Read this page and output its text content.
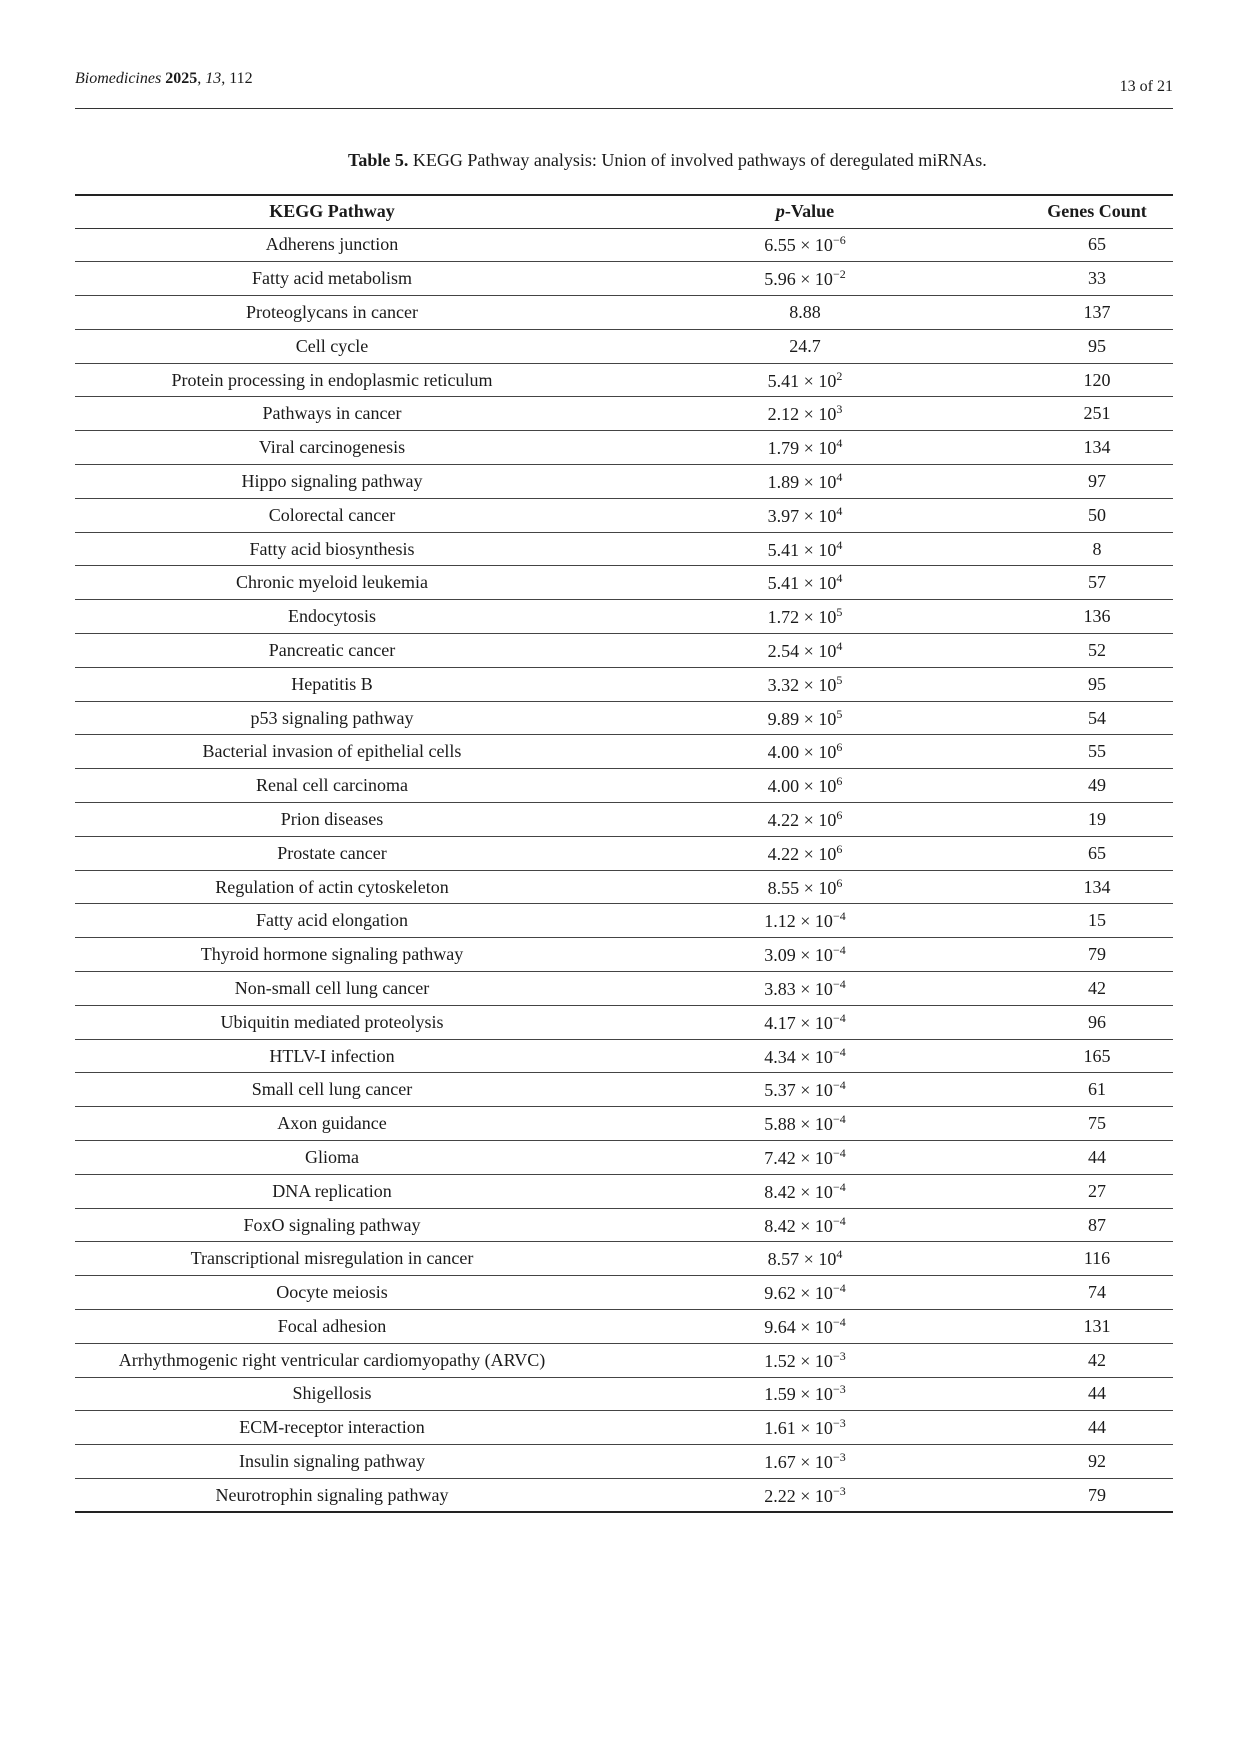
Biomedicines 2025, 13, 112	13 of 21
Table 5. KEGG Pathway analysis: Union of involved pathways of deregulated miRNAs.
KEGG Pathway	p-Value	Genes Count
Adherens junction	$6.55 \times 10^{-6}$	65
Fatty acid metabolism	$5.96 \times 10^{-2}$	33
Proteoglycans in cancer	8.88	137
Cell cycle	24.7	95
Protein processing in endoplasmic reticulum	$5.41 \times 10^2$	120
Pathways in cancer	$2.12 \times 10^3$	251
Viral carcinogenesis	$1.79 \times 10^4$	134
Hippo signaling pathway	$1.89 \times 10^4$	97
Colorectal cancer	$3.97 \times 10^4$	50
Fatty acid biosynthesis	$5.41 \times 10^4$	8
Chronic myeloid leukemia	$5.41 \times 10^4$	57
Endocytosis	$1.72 \times 10^5$	136
Pancreatic cancer	$2.54 \times 10^4$	52
Hepatitis B	$3.32 \times 10^5$	95
p53 signaling pathway	$9.89 \times 10^5$	54
Bacterial invasion of epithelial cells	$4.00 \times 10^6$	55
Renal cell carcinoma	$4.00 \times 10^6$	49
Prion diseases	$4.22 \times 10^6$	19
Prostate cancer	$4.22 \times 10^6$	65
Regulation of actin cytoskeleton	$8.55 \times 10^6$	134
Fatty acid elongation	$1.12 \times 10^{-4}$	15
Thyroid hormone signaling pathway	$3.09 \times 10^{-4}$	79
Non-small cell lung cancer	$3.83 \times 10^{-4}$	42
Ubiquitin mediated proteolysis	$4.17 \times 10^{-4}$	96
HTLV-I infection	$4.34 \times 10^{-4}$	165
Small cell lung cancer	$5.37 \times 10^{-4}$	61
Axon guidance	$5.88 \times 10^{-4}$	75
Glioma	$7.42 \times 10^{-4}$	44
DNA replication	$8.42 \times 10^{-4}$	27
FoxO signaling pathway	$8.42 \times 10^{-4}$	87
Transcriptional misregulation in cancer	$8.57 \times 10^4$	116
Oocyte meiosis	$9.62 \times 10^{-4}$	74
Focal adhesion	$9.64 \times 10^{-4}$	131
Arrhythmogenic right ventricular cardiomyopathy (ARVC)	$1.52 \times 10^{-3}$	42
Shigellosis	$1.59 \times 10^{-3}$	44
ECM-receptor interaction	$1.61 \times 10^{-3}$	44
Insulin signaling pathway	$1.67 \times 10^{-3}$	92
Neurotrophin signaling pathway	$2.22 \times 10^{-3}$	79
